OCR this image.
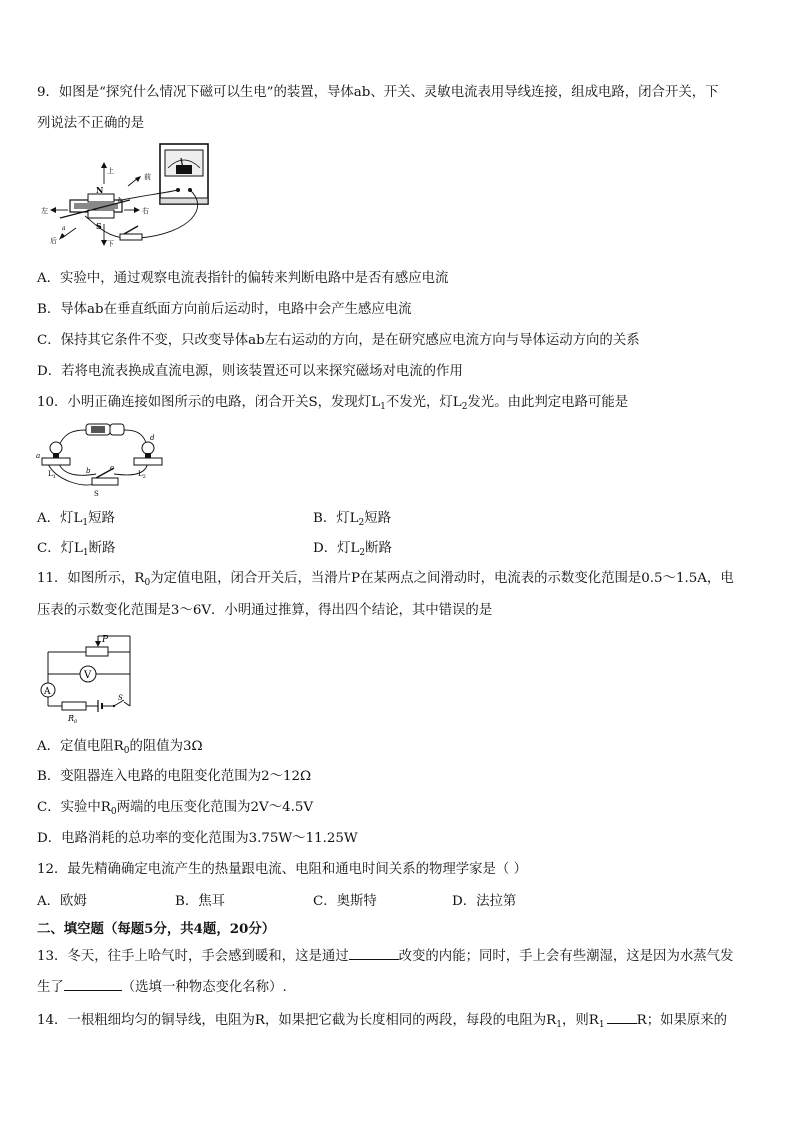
9．如图是“探究什么情况下磁可以生电”的装置，导体ab、开关、灵敏电流表用导线连接，组成电路，闭合开关，下
列说法不正确的是
上
下
左	右
前
后
N
S
a
b
A．实验中，通过观察电流表指针的偏转来判断电路中是否有感应电流
B．导体ab在垂直纸面方向前后运动时，电路中会产生感应电流
C．保持其它条件不变，只改变导体ab左右运动的方向，是在研究感应电流方向与导体运动方向的关系
D．若将电流表换成直流电源，则该装置还可以来探究磁场对电流的作用
10．小明正确连接如图所示的电路，闭合开关S，发现灯$L_1$不发光，灯$L_2$发光。由此判定电路可能是
a
b	c
d
$L_1$	$L_2$
S
A．灯$L_1$短路	B．灯$L_2$短路
C．灯$L_1$断路	D．灯$L_2$断路
11．如图所示，$R_0$为定值电阻，闭合开关后，当滑片P在某两点之间滑动时，电流表的示数变化范围是0.5～1.5A，电
压表的示数变化范围是3～6V．小明通过推算，得出四个结论，其中错误的是
V
A
P
S
$R_0$
A．定值电阻$R_0$的阻值为3Ω
B．变阻器连入电路的电阻变化范围为2～12Ω
C．实验中$R_0$两端的电压变化范围为2V～4.5V
D．电路消耗的总功率的变化范围为3.75W～11.25W
12．最先精确确定电流产生的热量跟电流、电阻和通电时间关系的物理学家是（ ）
A．欧姆	B．焦耳	C．奥斯特	D．法拉第
二、填空题（每题5分，共4题，20分）
13．冬天，往手上哈气时，手会感到暖和，这是通过	改变的内能；同时，手上会有些潮湿，这是因为水蒸气发
生了	（选填一种物态变化名称）.
14．一根粗细均匀的铜导线，电阻为R，如果把它截为长度相同的两段，每段的电阻为$R_1$，则$R_1$ R；如果原来的
